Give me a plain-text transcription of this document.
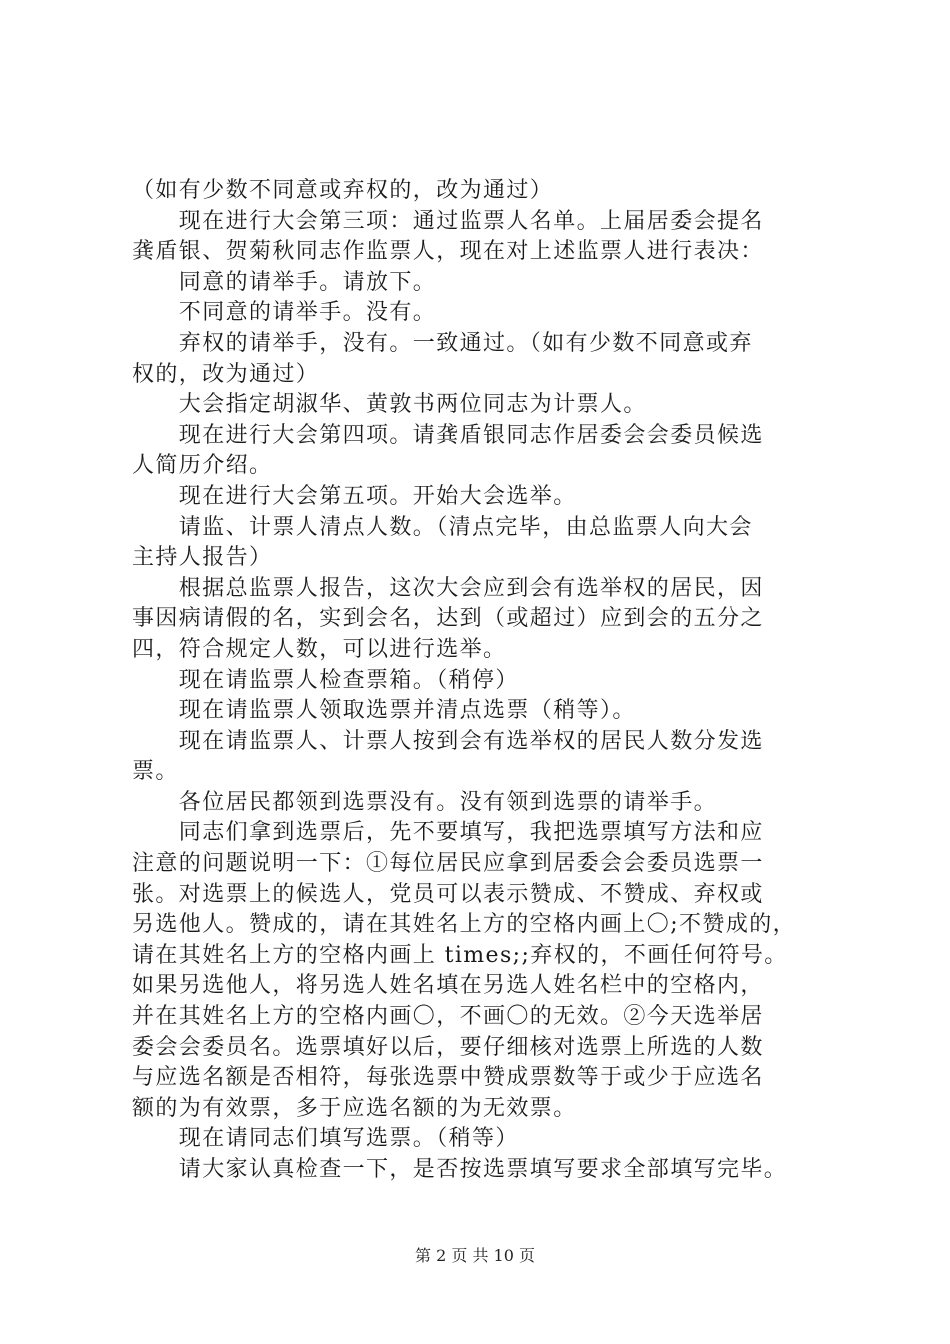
（如有少数不同意或弃权的，改为通过）
　　现在进行大会第三项：通过监票人名单。上届居委会提名
龚盾银、贺菊秋同志作监票人，现在对上述监票人进行表决：
　　同意的请举手。请放下。
　　不同意的请举手。没有。
　　弃权的请举手，没有。一致通过。（如有少数不同意或弃
权的，改为通过）
　　大会指定胡淑华、黄敦书两位同志为计票人。
　　现在进行大会第四项。请龚盾银同志作居委会会委员候选
人简历介绍。
　　现在进行大会第五项。开始大会选举。
　　请监、计票人清点人数。（清点完毕，由总监票人向大会
主持人报告）
　　根据总监票人报告，这次大会应到会有选举权的居民，因
事因病请假的名，实到会名，达到（或超过）应到会的五分之
四，符合规定人数，可以进行选举。
　　现在请监票人检查票箱。（稍停）
　　现在请监票人领取选票并清点选票（稍等）。
　　现在请监票人、计票人按到会有选举权的居民人数分发选
票。
　　各位居民都领到选票没有。没有领到选票的请举手。
　　同志们拿到选票后，先不要填写，我把选票填写方法和应
注意的问题说明一下：①每位居民应拿到居委会会委员选票一
张。对选票上的候选人，党员可以表示赞成、不赞成、弃权或
另选他人。赞成的，请在其姓名上方的空格内画上〇;不赞成的，
请在其姓名上方的空格内画上 times;;弃权的，不画任何符号。
如果另选他人，将另选人姓名填在另选人姓名栏中的空格内，
并在其姓名上方的空格内画〇，不画〇的无效。②今天选举居
委会会委员名。选票填好以后，要仔细核对选票上所选的人数
与应选名额是否相符，每张选票中赞成票数等于或少于应选名
额的为有效票，多于应选名额的为无效票。
　　现在请同志们填写选票。（稍等）
　　请大家认真检查一下，是否按选票填写要求全部填写完毕。
第 2 页 共 10 页
